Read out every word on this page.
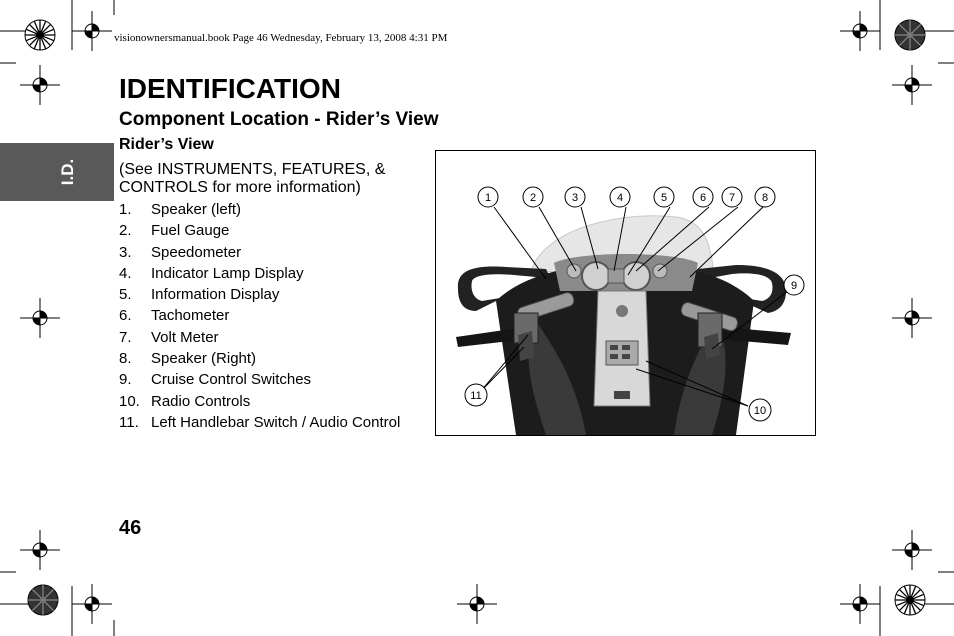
visionownersmanual.book Page 46 Wednesday, February 13, 2008 4:31 PM
I.D.
IDENTIFICATION
Component Location - Rider’s View
Rider’s View
(See INSTRUMENTS, FEATURES, & CONTROLS for more information)
1. Speaker (left)
2. Fuel Gauge
3. Speedometer
4. Indicator Lamp Display
5. Information Display
6. Tachometer
7. Volt Meter
8. Speaker (Right)
9. Cruise Control Switches
10. Radio Controls
11. Left Handlebar Switch / Audio Control
1	2	3	4	5	6 7 8
9
10
11
46
